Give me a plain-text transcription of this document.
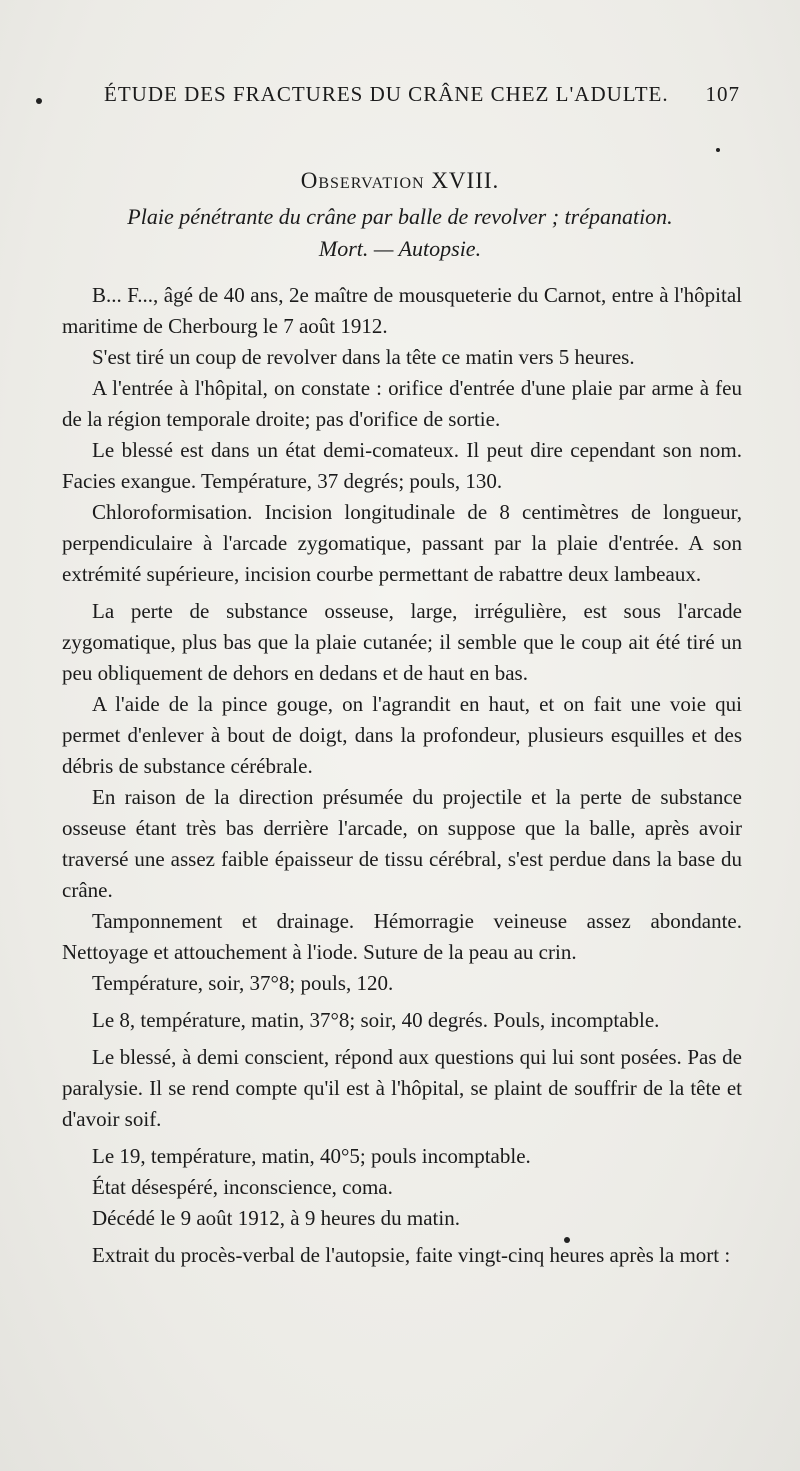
ÉTUDE DES FRACTURES DU CRÂNE CHEZ L'ADULTE. 107
Observation XVIII.
Plaie pénétrante du crâne par balle de revolver ; trépanation.
Mort. — Autopsie.

B... F..., âgé de 40 ans, 2e maître de mousqueterie du Carnot, entre à l'hôpital maritime de Cherbourg le 7 août 1912.

S'est tiré un coup de revolver dans la tête ce matin vers 5 heures.

A l'entrée à l'hôpital, on constate : orifice d'entrée d'une plaie par arme à feu de la région temporale droite; pas d'orifice de sortie.

Le blessé est dans un état demi-comateux. Il peut dire cependant son nom. Facies exangue. Température, 37 degrés; pouls, 130.

Chloroformisation. Incision longitudinale de 8 centimètres de longueur, perpendiculaire à l'arcade zygomatique, passant par la plaie d'entrée. A son extrémité supérieure, incision courbe permettant de rabattre deux lambeaux.

La perte de substance osseuse, large, irrégulière, est sous l'arcade zygomatique, plus bas que la plaie cutanée; il semble que le coup ait été tiré un peu obliquement de dehors en dedans et de haut en bas.

A l'aide de la pince gouge, on l'agrandit en haut, et on fait une voie qui permet d'enlever à bout de doigt, dans la profondeur, plusieurs esquilles et des débris de substance cérébrale.

En raison de la direction présumée du projectile et la perte de substance osseuse étant très bas derrière l'arcade, on suppose que la balle, après avoir traversé une assez faible épaisseur de tissu cérébral, s'est perdue dans la base du crâne.

Tamponnement et drainage. Hémorragie veineuse assez abondante. Nettoyage et attouchement à l'iode. Suture de la peau au crin.

Température, soir, 37°8; pouls, 120.

Le 8, température, matin, 37°8; soir, 40 degrés. Pouls, incomptable.

Le blessé, à demi conscient, répond aux questions qui lui sont posées. Pas de paralysie. Il se rend compte qu'il est à l'hôpital, se plaint de souffrir de la tête et d'avoir soif.

Le 19, température, matin, 40°5; pouls incomptable.

État désespéré, inconscience, coma.

Décédé le 9 août 1912, à 9 heures du matin.

Extrait du procès-verbal de l'autopsie, faite vingt-cinq heures après la mort :
